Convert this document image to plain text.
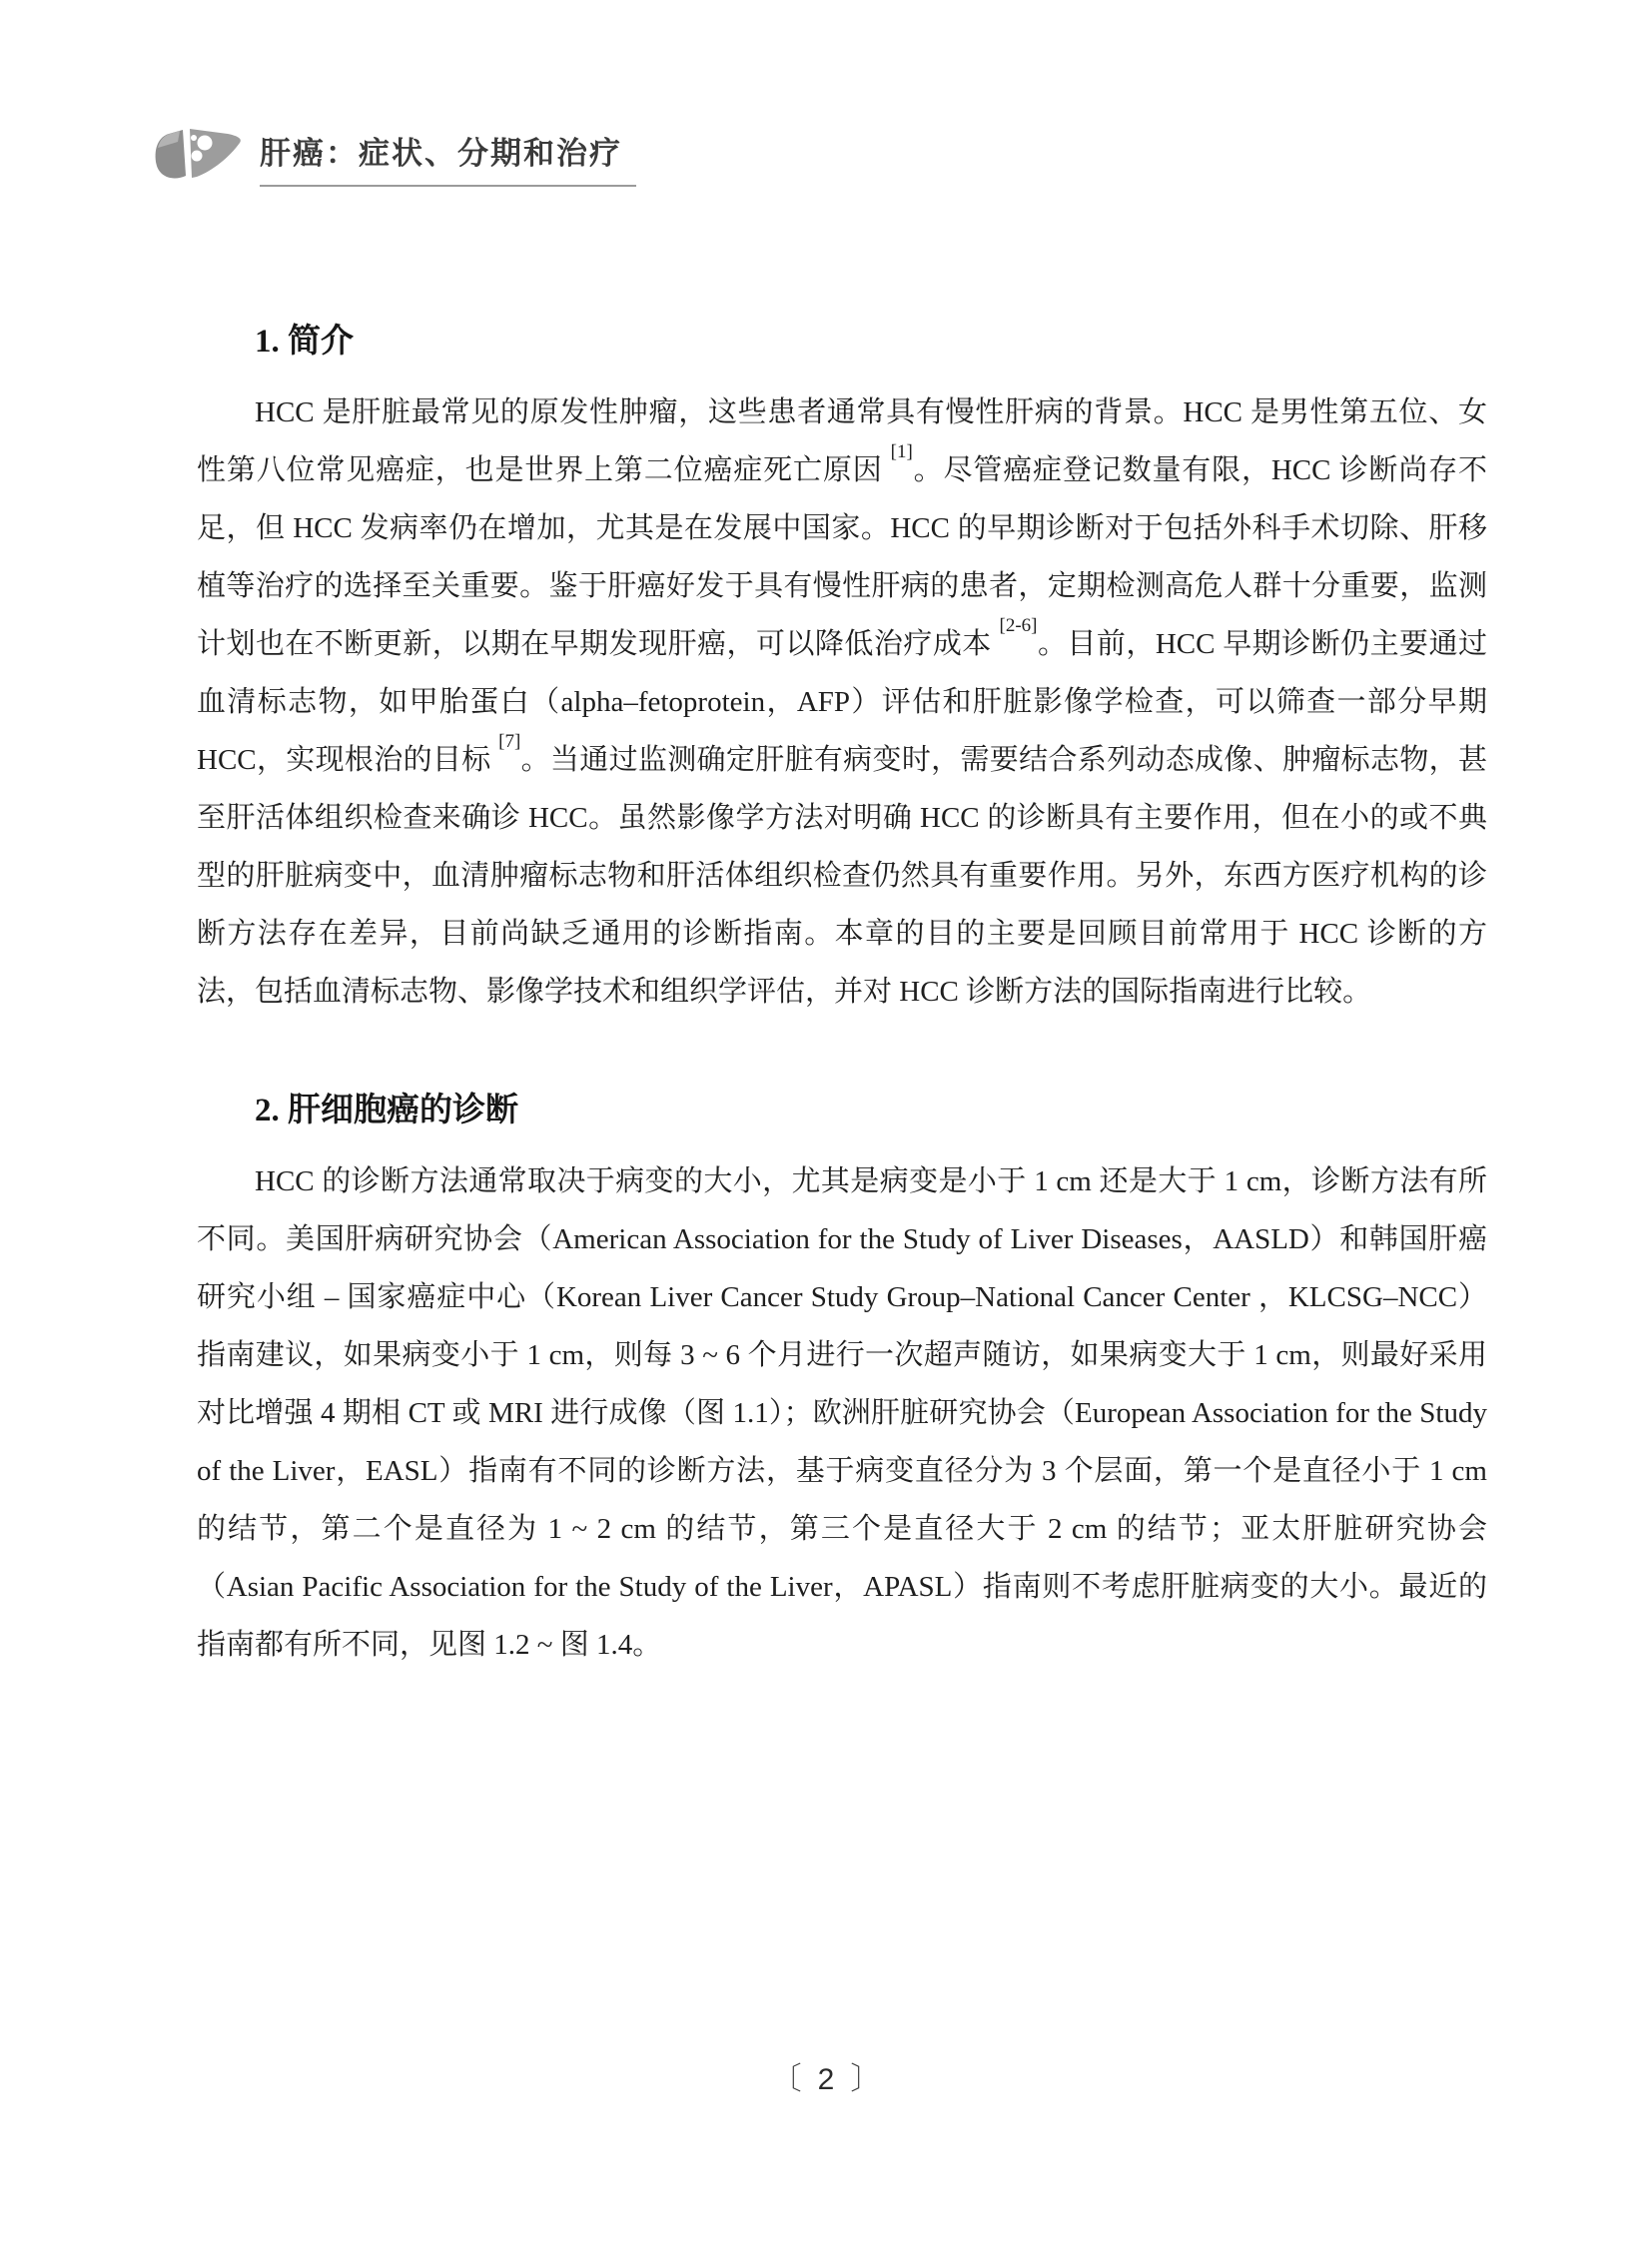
肝癌：症状、分期和治疗
1. 简介

HCC 是肝脏最常见的原发性肿瘤，这些患者通常具有慢性肝病的背景。HCC 是男性第五位、女性第八位常见癌症，也是世界上第二位癌症死亡原因 [1]。尽管癌症登记数量有限，HCC 诊断尚存不足，但 HCC 发病率仍在增加，尤其是在发展中国家。HCC 的早期诊断对于包括外科手术切除、肝移植等治疗的选择至关重要。鉴于肝癌好发于具有慢性肝病的患者，定期检测高危人群十分重要，监测计划也在不断更新，以期在早期发现肝癌，可以降低治疗成本 [2-6]。目前，HCC 早期诊断仍主要通过血清标志物，如甲胎蛋白（alpha–fetoprotein，AFP）评估和肝脏影像学检查，可以筛查一部分早期 HCC，实现根治的目标 [7]。当通过监测确定肝脏有病变时，需要结合系列动态成像、肿瘤标志物，甚至肝活体组织检查来确诊 HCC。虽然影像学方法对明确 HCC 的诊断具有主要作用，但在小的或不典型的肝脏病变中，血清肿瘤标志物和肝活体组织检查仍然具有重要作用。另外，东西方医疗机构的诊断方法存在差异，目前尚缺乏通用的诊断指南。本章的目的主要是回顾目前常用于 HCC 诊断的方法，包括血清标志物、影像学技术和组织学评估，并对 HCC 诊断方法的国际指南进行比较。

2. 肝细胞癌的诊断

HCC 的诊断方法通常取决于病变的大小，尤其是病变是小于 1 cm 还是大于 1 cm，诊断方法有所不同。美国肝病研究协会（American Association for the Study of Liver Diseases，AASLD）和韩国肝癌研究小组 – 国家癌症中心（Korean Liver Cancer Study Group–National Cancer Center ，KLCSG–NCC）指南建议，如果病变小于 1 cm，则每 3 ~ 6 个月进行一次超声随访，如果病变大于 1 cm，则最好采用对比增强 4 期相 CT 或 MRI 进行成像（图 1.1）；欧洲肝脏研究协会（European Association for the Study of the Liver，EASL）指南有不同的诊断方法，基于病变直径分为 3 个层面，第一个是直径小于 1 cm 的结节，第二个是直径为 1 ~ 2 cm 的结节，第三个是直径大于 2 cm 的结节；亚太肝脏研究协会（Asian Pacific Association for the Study of the Liver，APASL）指南则不考虑肝脏病变的大小。最近的指南都有所不同，见图 1.2 ~ 图 1.4。

〔 2 〕
